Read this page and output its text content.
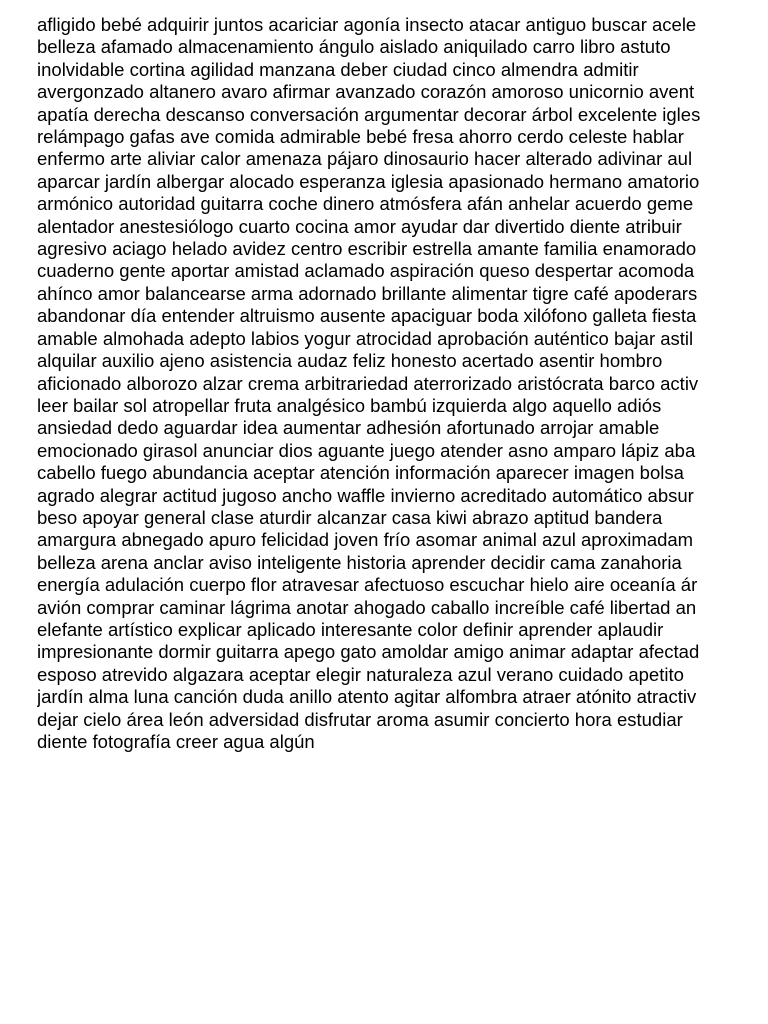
afligido bebé adquirir juntos acariciar agonía insecto atacar antiguo buscar acele
belleza afamado almacenamiento ángulo aislado aniquilado carro libro astuto
inolvidable cortina agilidad manzana deber ciudad cinco almendra admitir
avergonzado altanero avaro afirmar avanzado corazón amoroso unicornio avent
apatía derecha descanso conversación argumentar decorar árbol excelente igles
relámpago gafas ave comida admirable bebé fresa ahorro cerdo celeste hablar
enfermo arte aliviar calor amenaza pájaro dinosaurio hacer alterado adivinar aul
aparcar jardín albergar alocado esperanza iglesia apasionado hermano amatorio
armónico autoridad guitarra coche dinero atmósfera afán anhelar acuerdo geme
alentador anestesiólogo cuarto cocina amor ayudar dar divertido diente atribuir
agresivo aciago helado avidez centro escribir estrella amante familia enamorado
cuaderno gente aportar amistad aclamado aspiración queso despertar acomoda
ahínco amor balancearse arma adornado brillante alimentar tigre café apoderars
abandonar día entender altruismo ausente apaciguar boda xilófono galleta fiesta
amable almohada adepto labios yogur atrocidad aprobación auténtico bajar astil
alquilar auxilio ajeno asistencia audaz feliz honesto acertado asentir hombro
aficionado alborozo alzar crema arbitrariedad aterrorizado aristócrata barco activ
leer bailar sol atropellar fruta analgésico bambú izquierda algo aquello adiós
ansiedad dedo aguardar idea aumentar adhesión afortunado arrojar amable
emocionado girasol anunciar dios aguante juego atender asno amparo lápiz aba
cabello fuego abundancia aceptar atención información aparecer imagen bolsa
agrado alegrar actitud jugoso ancho waffle invierno acreditado automático absur
beso apoyar general clase aturdir alcanzar casa kiwi abrazo aptitud bandera
amargura abnegado apuro felicidad joven frío asomar animal azul aproximadam
belleza arena anclar aviso inteligente historia aprender decidir cama zanahoria
energía adulación cuerpo flor atravesar afectuoso escuchar hielo aire oceanía ár
avión comprar caminar lágrima anotar ahogado caballo increíble café libertad an
elefante artístico explicar aplicado interesante color definir aprender aplaudir
impresionante dormir guitarra apego gato amoldar amigo animar adaptar afectad
esposo atrevido algazara aceptar elegir naturaleza azul verano cuidado apetito
jardín alma luna canción duda anillo atento agitar alfombra atraer atónito atractiv
dejar cielo área león adversidad disfrutar aroma asumir concierto hora estudiar
diente fotografía creer agua algún
